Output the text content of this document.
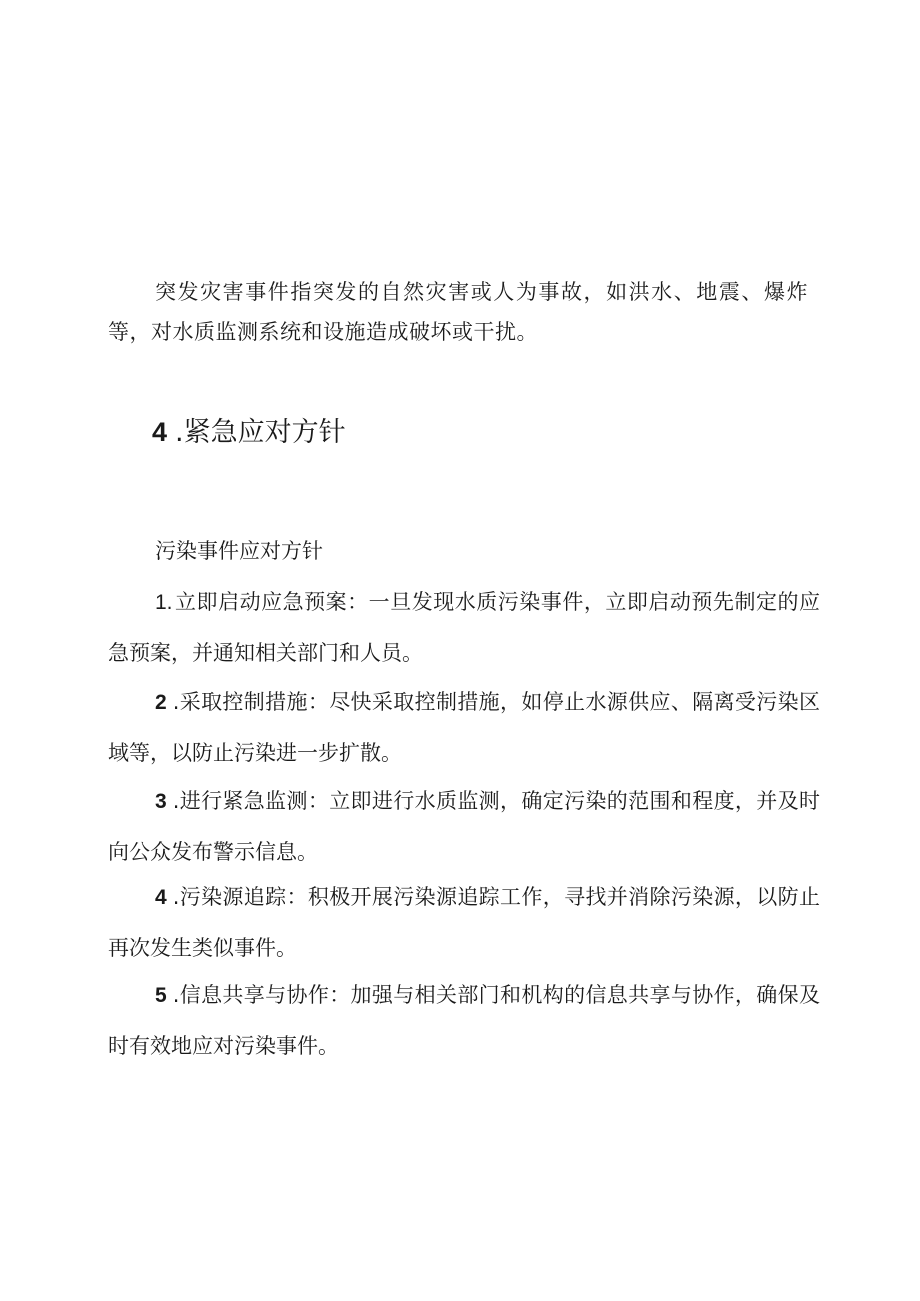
突发灾害事件指突发的自然灾害或人为事故，如洪水、地震、爆炸等，对水质监测系统和设施造成破坏或干扰。

4 .紧急应对方针

污染事件应对方针

1.立即启动应急预案：一旦发现水质污染事件，立即启动预先制定的应急预案，并通知相关部门和人员。

2 .采取控制措施：尽快采取控制措施，如停止水源供应、隔离受污染区域等，以防止污染进一步扩散。

3 .进行紧急监测：立即进行水质监测，确定污染的范围和程度，并及时向公众发布警示信息。

4 .污染源追踪：积极开展污染源追踪工作，寻找并消除污染源，以防止再次发生类似事件。

5 .信息共享与协作：加强与相关部门和机构的信息共享与协作，确保及时有效地应对污染事件。
